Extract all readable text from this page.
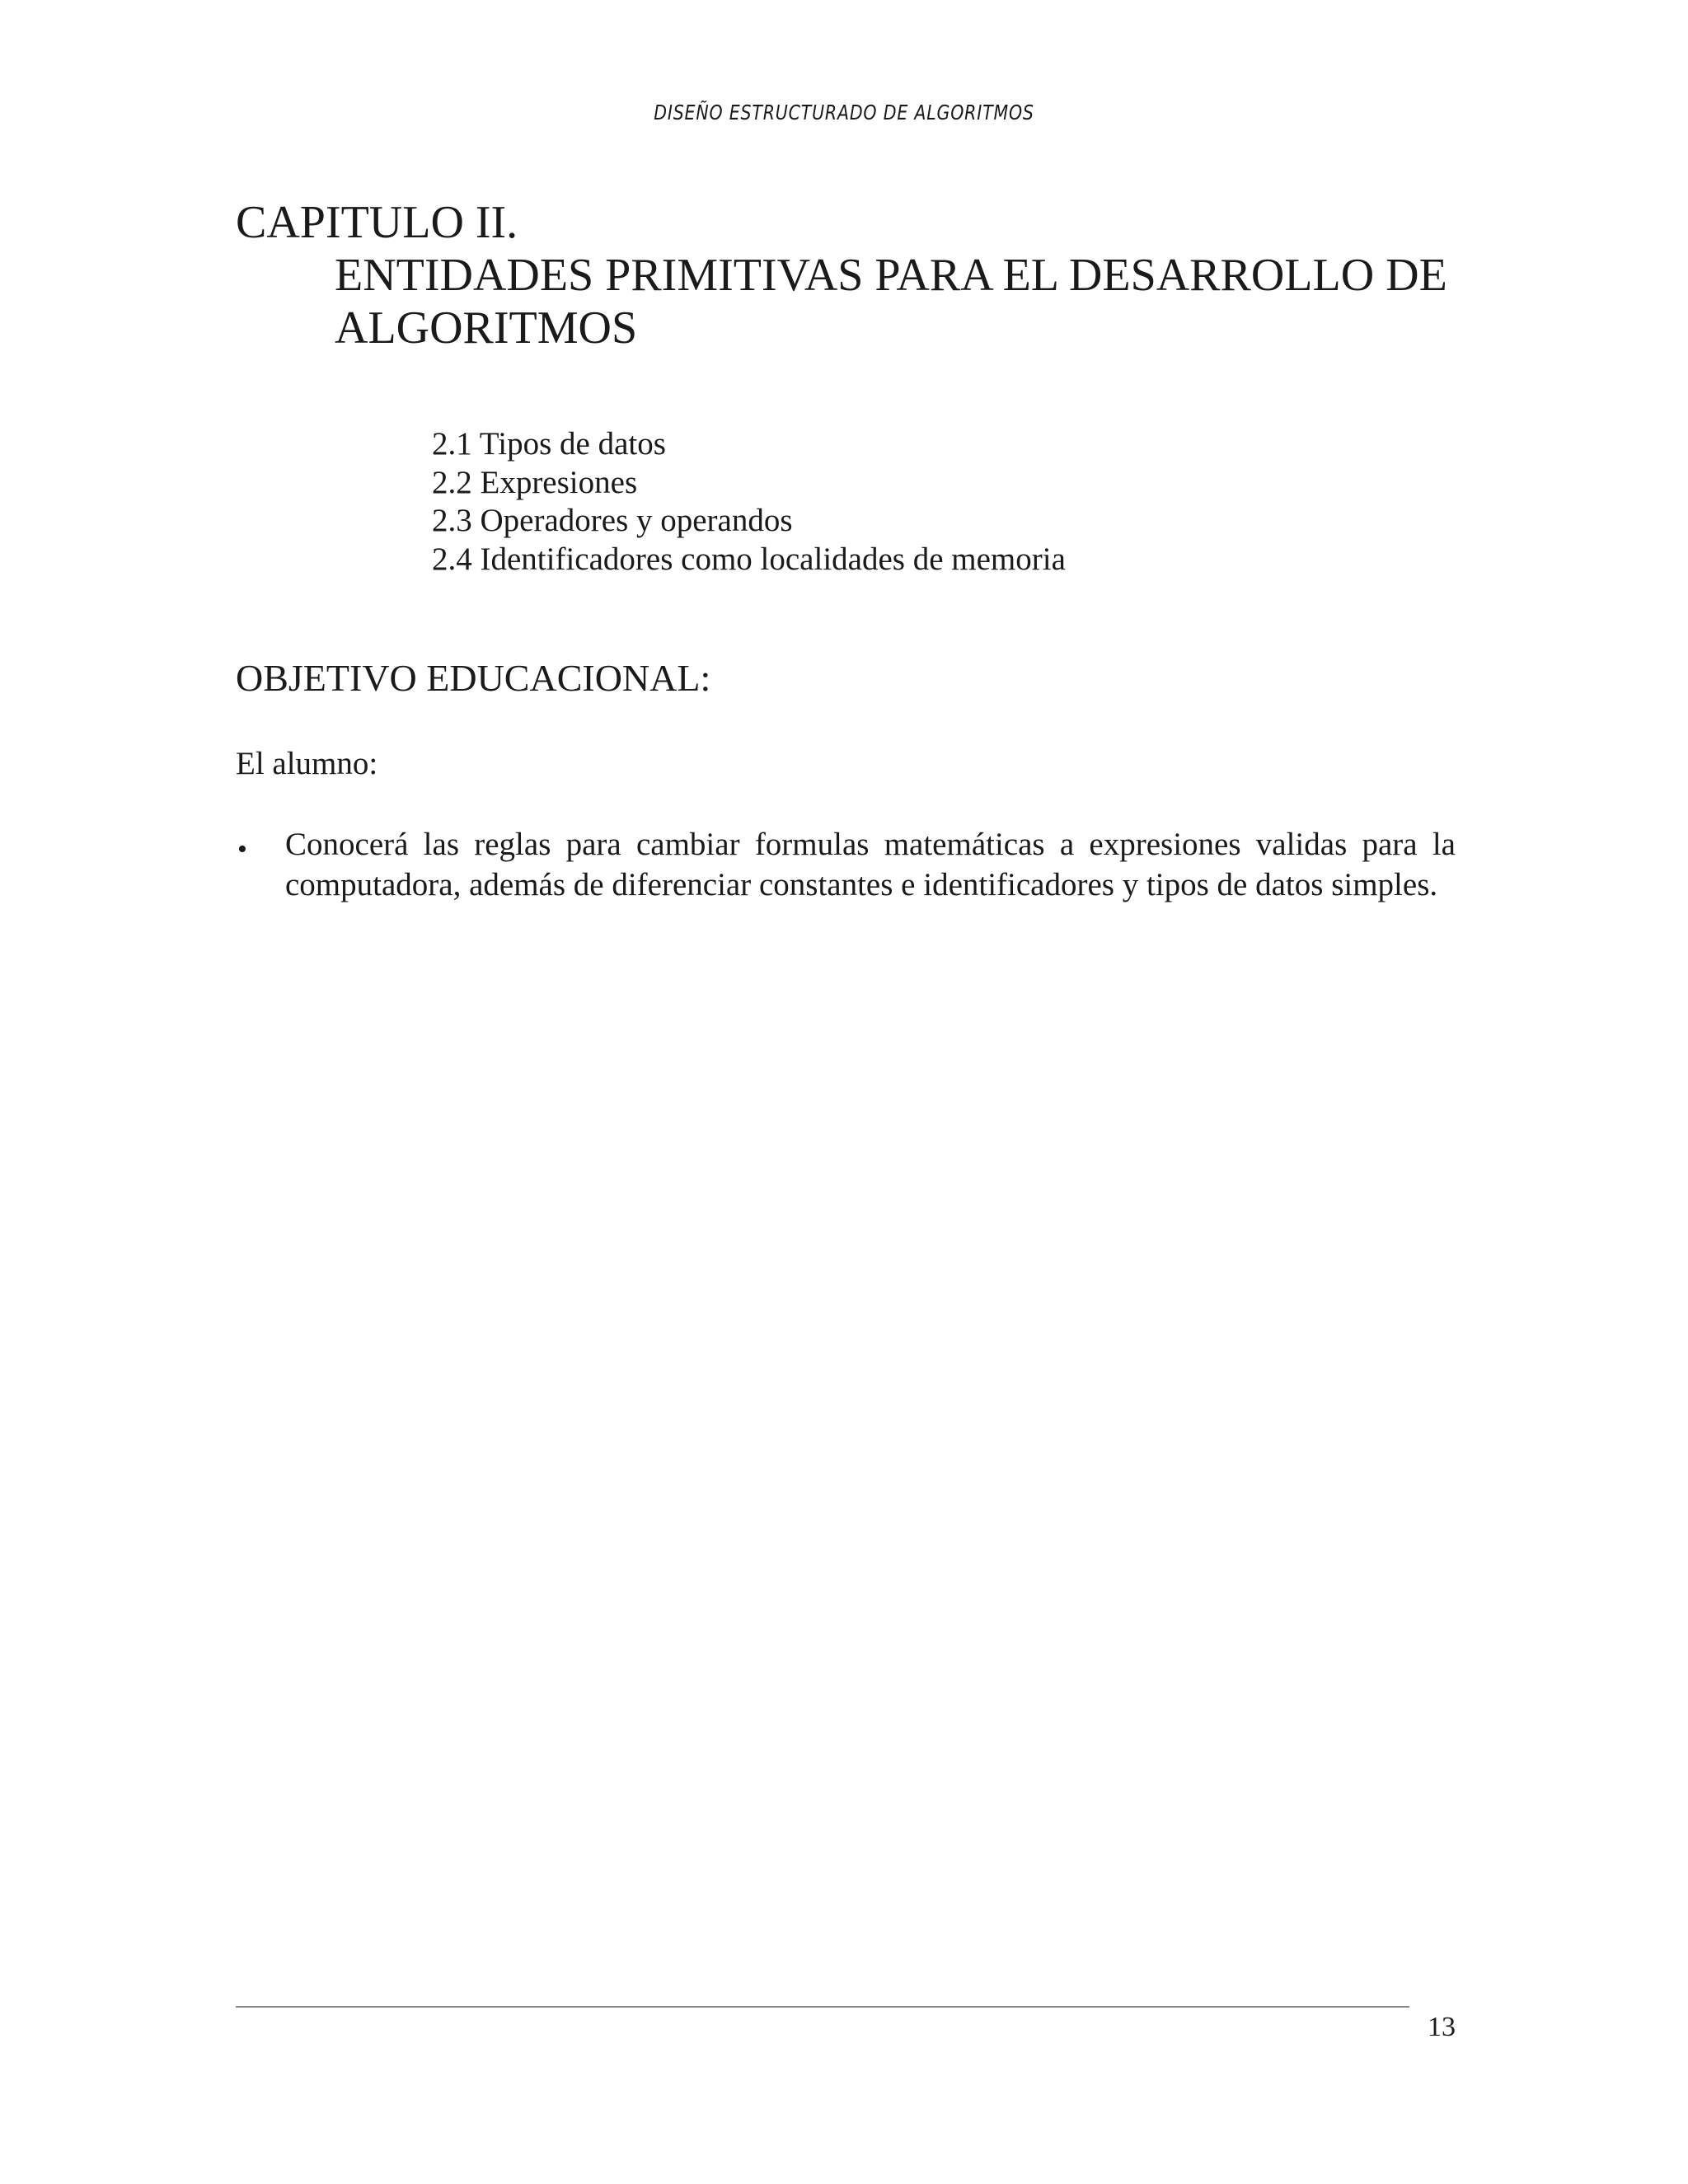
DISEÑO ESTRUCTURADO DE ALGORITMOS
CAPITULO II.
ENTIDADES PRIMITIVAS PARA EL DESARROLLO DE
ALGORITMOS
2.1 Tipos de datos
2.2 Expresiones
2.3 Operadores y operandos
2.4 Identificadores como localidades de memoria
OBJETIVO EDUCACIONAL:

El alumno:

• Conocerá las reglas para cambiar formulas matemáticas a expresiones validas para la computadora, además de diferenciar constantes e identificadores y tipos de datos simples.

13
